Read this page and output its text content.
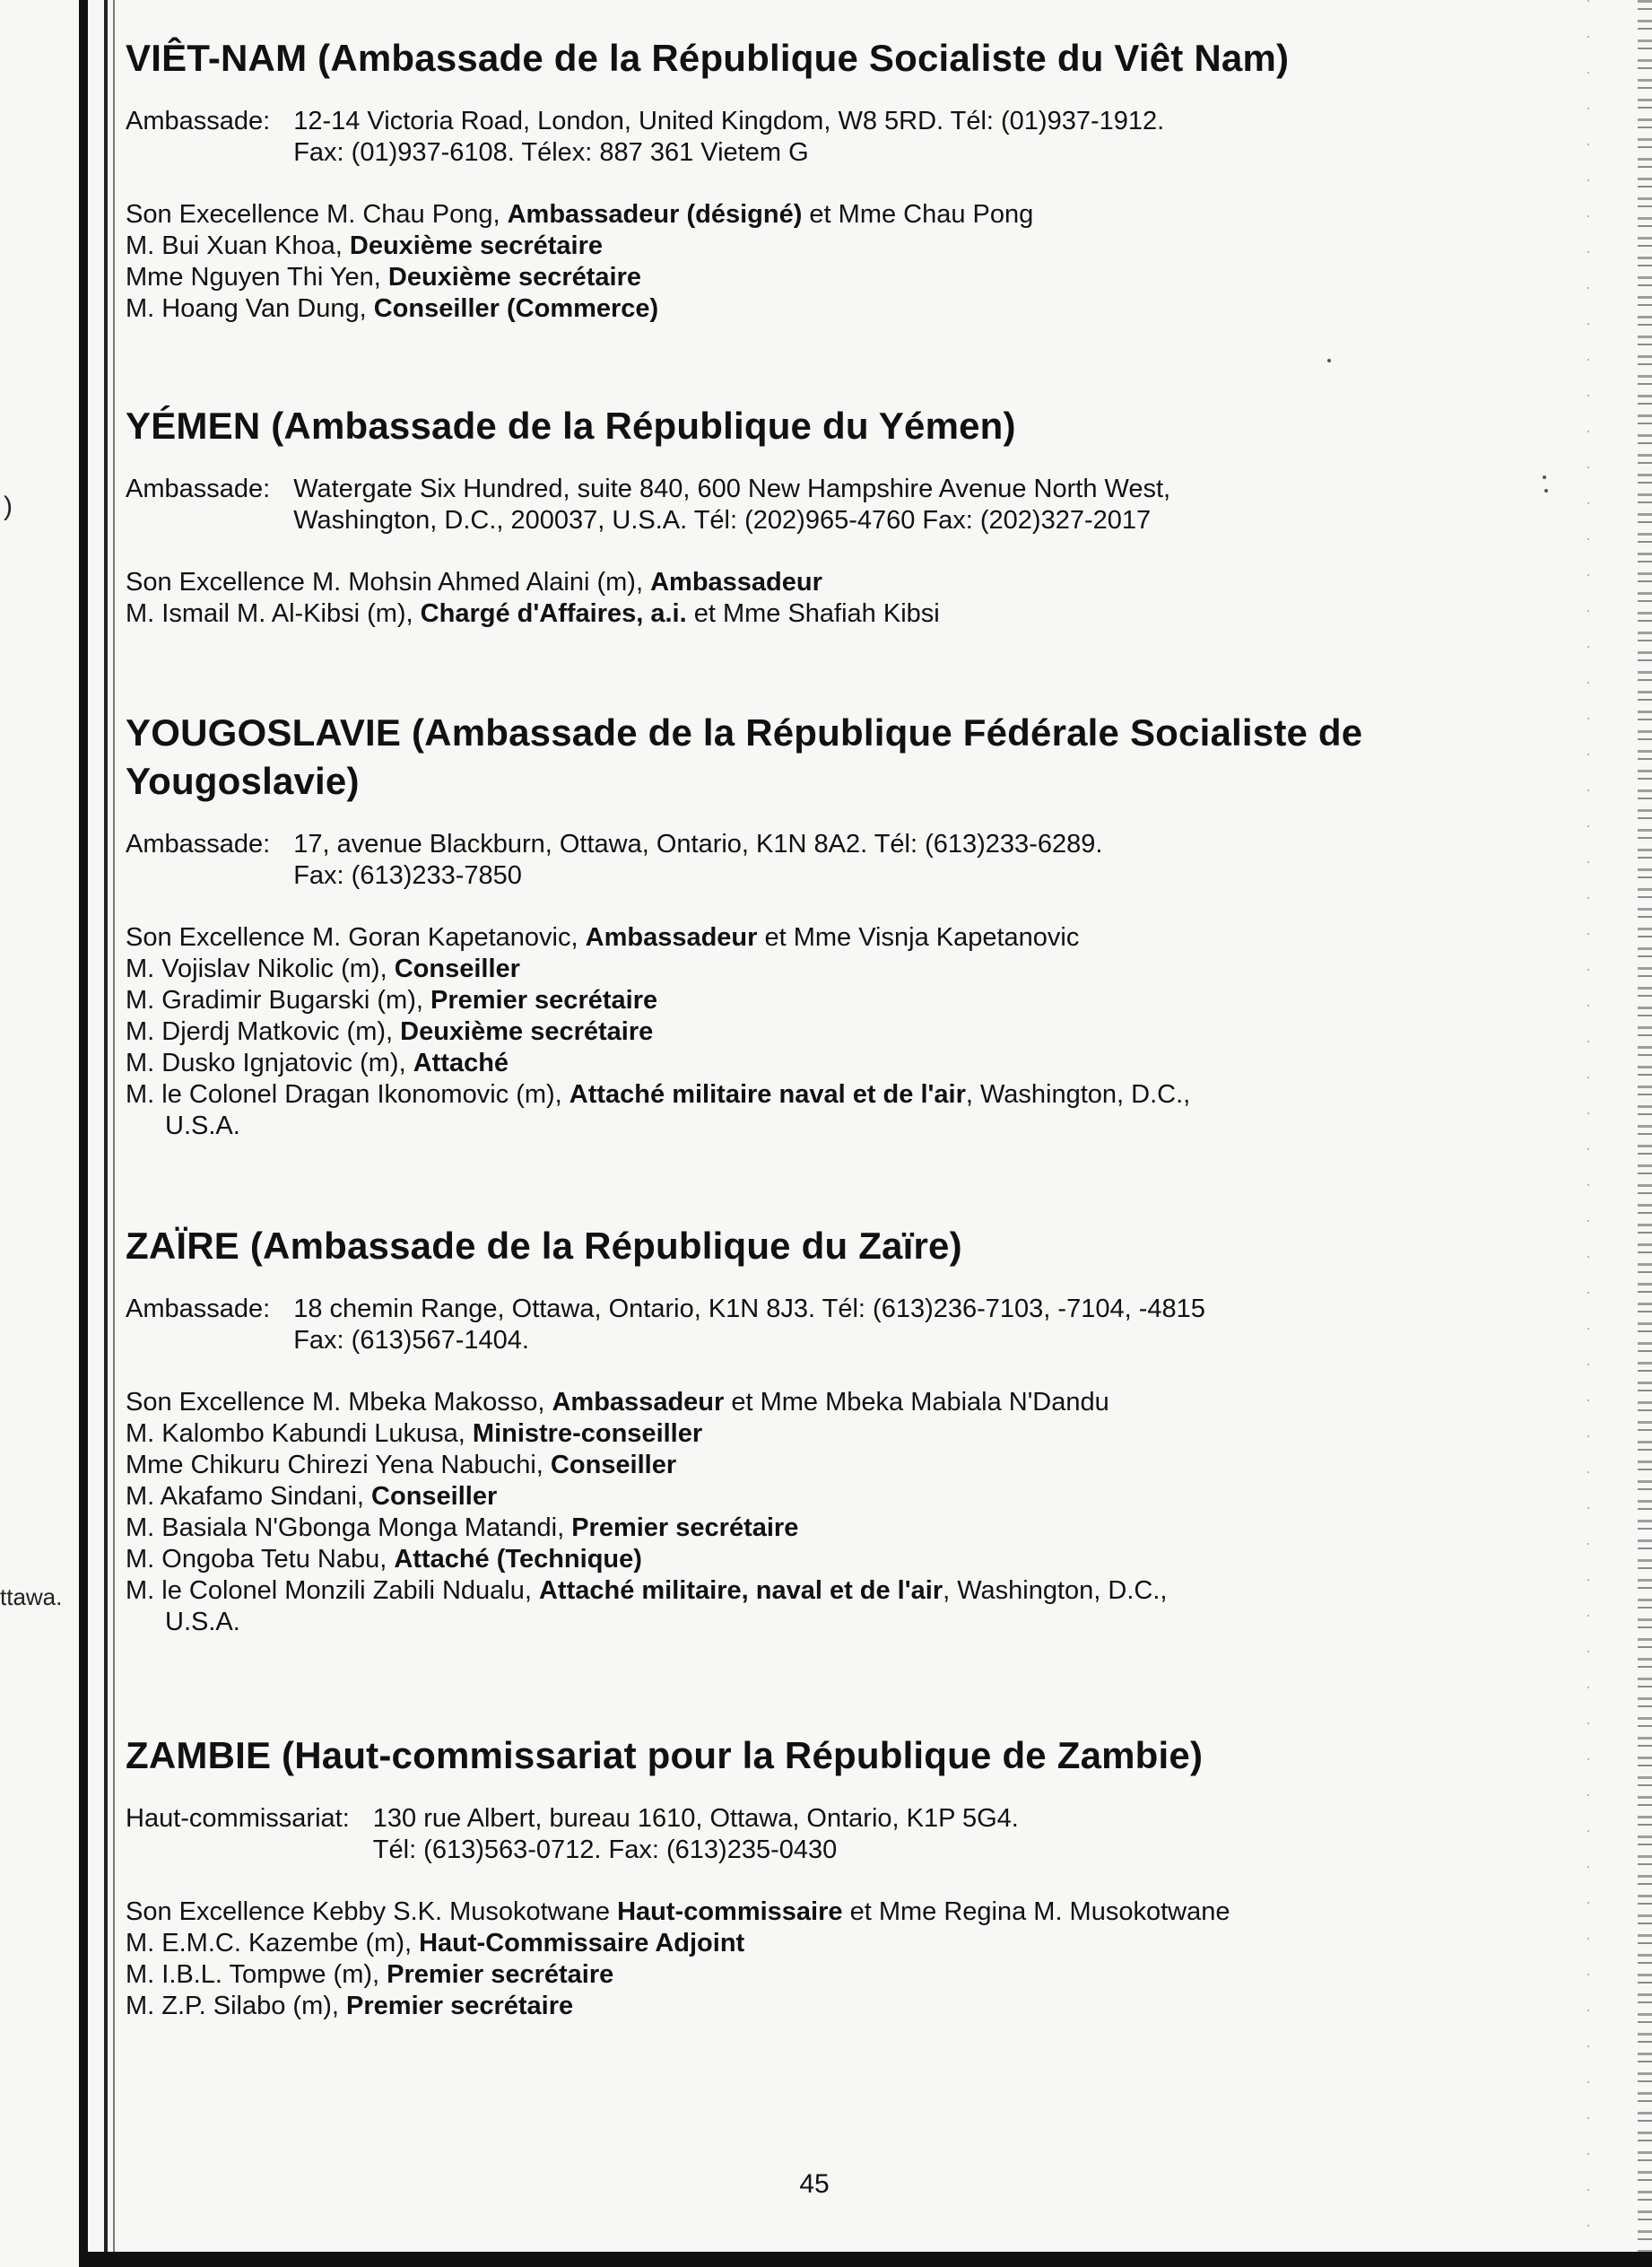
)
ttawa.
VIÊT-NAM (Ambassade de la République Socialiste du Viêt Nam)
Ambassade: 12-14 Victoria Road, London, United Kingdom, W8 5RD. Tél: (01)937-1912.
Fax: (01)937-6108. Télex: 887 361 Vietem G
Son Execellence M. Chau Pong, Ambassadeur (désigné) et Mme Chau Pong
M. Bui Xuan Khoa, Deuxième secrétaire
Mme Nguyen Thi Yen, Deuxième secrétaire
M. Hoang Van Dung, Conseiller (Commerce)
YÉMEN (Ambassade de la République du Yémen)
Ambassade: Watergate Six Hundred, suite 840, 600 New Hampshire Avenue North West,
Washington, D.C., 200037, U.S.A. Tél: (202)965-4760 Fax: (202)327-2017
Son Excellence M. Mohsin Ahmed Alaini (m), Ambassadeur
M. Ismail M. Al-Kibsi (m), Chargé d'Affaires, a.i. et Mme Shafiah Kibsi
YOUGOSLAVIE (Ambassade de la République Fédérale Socialiste de Yougoslavie)
Ambassade: 17, avenue Blackburn, Ottawa, Ontario, K1N 8A2. Tél: (613)233-6289.
Fax: (613)233-7850
Son Excellence M. Goran Kapetanovic, Ambassadeur et Mme Visnja Kapetanovic
M. Vojislav Nikolic (m), Conseiller
M. Gradimir Bugarski (m), Premier secrétaire
M. Djerdj Matkovic (m), Deuxième secrétaire
M. Dusko Ignjatovic (m), Attaché
M. le Colonel Dragan Ikonomovic (m), Attaché militaire naval et de l'air, Washington, D.C.,
U.S.A.
ZAÏRE (Ambassade de la République du Zaïre)
Ambassade: 18 chemin Range, Ottawa, Ontario, K1N 8J3. Tél: (613)236-7103, -7104, -4815
Fax: (613)567-1404.
Son Excellence M. Mbeka Makosso, Ambassadeur et Mme Mbeka Mabiala N'Dandu
M. Kalombo Kabundi Lukusa, Ministre-conseiller
Mme Chikuru Chirezi Yena Nabuchi, Conseiller
M. Akafamo Sindani, Conseiller
M. Basiala N'Gbonga Monga Matandi, Premier secrétaire
M. Ongoba Tetu Nabu, Attaché (Technique)
M. le Colonel Monzili Zabili Ndualu, Attaché militaire, naval et de l'air, Washington, D.C.,
U.S.A.
ZAMBIE (Haut-commissariat pour la République de Zambie)
Haut-commissariat: 130 rue Albert, bureau 1610, Ottawa, Ontario, K1P 5G4.
Tél: (613)563-0712. Fax: (613)235-0430
Son Excellence Kebby S.K. Musokotwane Haut-commissaire et Mme Regina M. Musokotwane
M. E.M.C. Kazembe (m), Haut-Commissaire Adjoint
M. I.B.L. Tompwe (m), Premier secrétaire
M. Z.P. Silabo (m), Premier secrétaire
45
